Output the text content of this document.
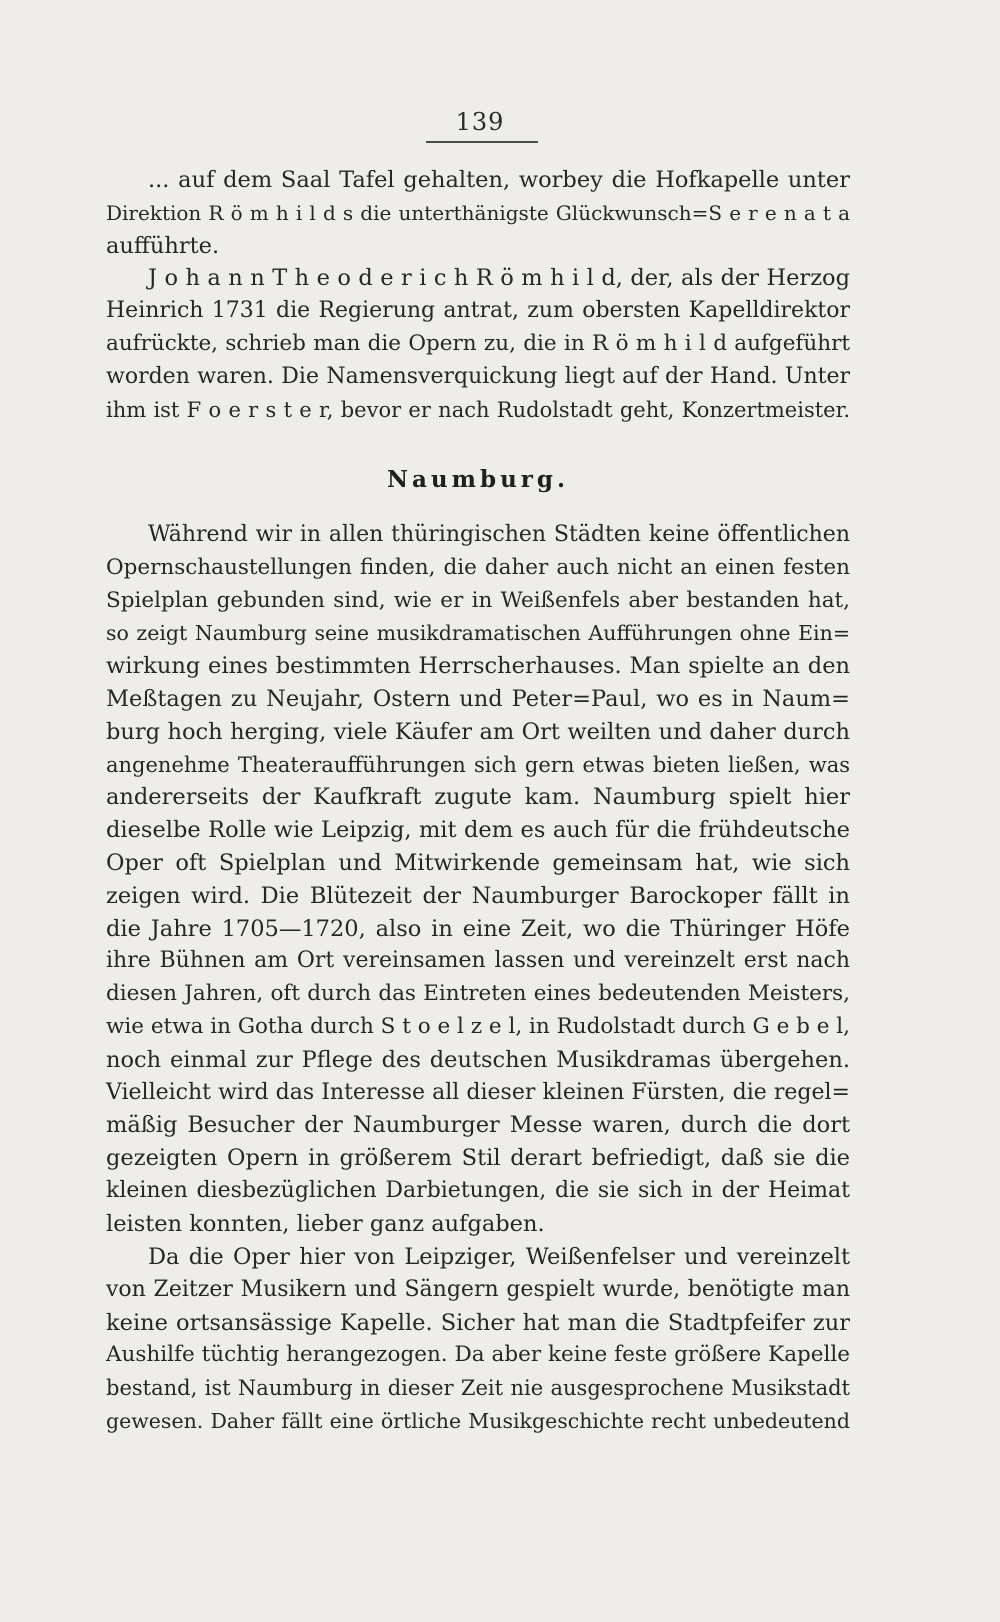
139
... auf dem Saal Tafel gehalten, worbey die Hofkapelle unter
Direktion R ö m h i l d s die unterthänigste Glückwunsch=S e r e n a t a
aufführte.
J o h a n n T h e o d e r i c h R ö m h i l d, der, als der Herzog
Heinrich 1731 die Regierung antrat, zum obersten Kapelldirektor
aufrückte, schrieb man die Opern zu, die in R ö m h i l d aufgeführt
worden waren. Die Namensverquickung liegt auf der Hand. Unter
ihm ist F o e r s t e r, bevor er nach Rudolstadt geht, Konzertmeister.
Naumburg.
Während wir in allen thüringischen Städten keine öffentlichen
Opernschaustellungen finden, die daher auch nicht an einen festen
Spielplan gebunden sind, wie er in Weißenfels aber bestanden hat,
so zeigt Naumburg seine musikdramatischen Aufführungen ohne Ein=
wirkung eines bestimmten Herrscherhauses. Man spielte an den
Meßtagen zu Neujahr, Ostern und Peter=Paul, wo es in Naum=
burg hoch herging, viele Käufer am Ort weilten und daher durch
angenehme Theateraufführungen sich gern etwas bieten ließen, was
andererseits der Kaufkraft zugute kam. Naumburg spielt hier
dieselbe Rolle wie Leipzig, mit dem es auch für die frühdeutsche
Oper oft Spielplan und Mitwirkende gemeinsam hat, wie sich
zeigen wird. Die Blütezeit der Naumburger Barockoper fällt in
die Jahre 1705—1720, also in eine Zeit, wo die Thüringer Höfe
ihre Bühnen am Ort vereinsamen lassen und vereinzelt erst nach
diesen Jahren, oft durch das Eintreten eines bedeutenden Meisters,
wie etwa in Gotha durch S t o e l z e l, in Rudolstadt durch G e b e l,
noch einmal zur Pflege des deutschen Musikdramas übergehen.
Vielleicht wird das Interesse all dieser kleinen Fürsten, die regel=
mäßig Besucher der Naumburger Messe waren, durch die dort
gezeigten Opern in größerem Stil derart befriedigt, daß sie die
kleinen diesbezüglichen Darbietungen, die sie sich in der Heimat
leisten konnten, lieber ganz aufgaben.
Da die Oper hier von Leipziger, Weißenfelser und vereinzelt
von Zeitzer Musikern und Sängern gespielt wurde, benötigte man
keine ortsansässige Kapelle. Sicher hat man die Stadtpfeifer zur
Aushilfe tüchtig herangezogen. Da aber keine feste größere Kapelle
bestand, ist Naumburg in dieser Zeit nie ausgesprochene Musikstadt
gewesen. Daher fällt eine örtliche Musikgeschichte recht unbedeutend
